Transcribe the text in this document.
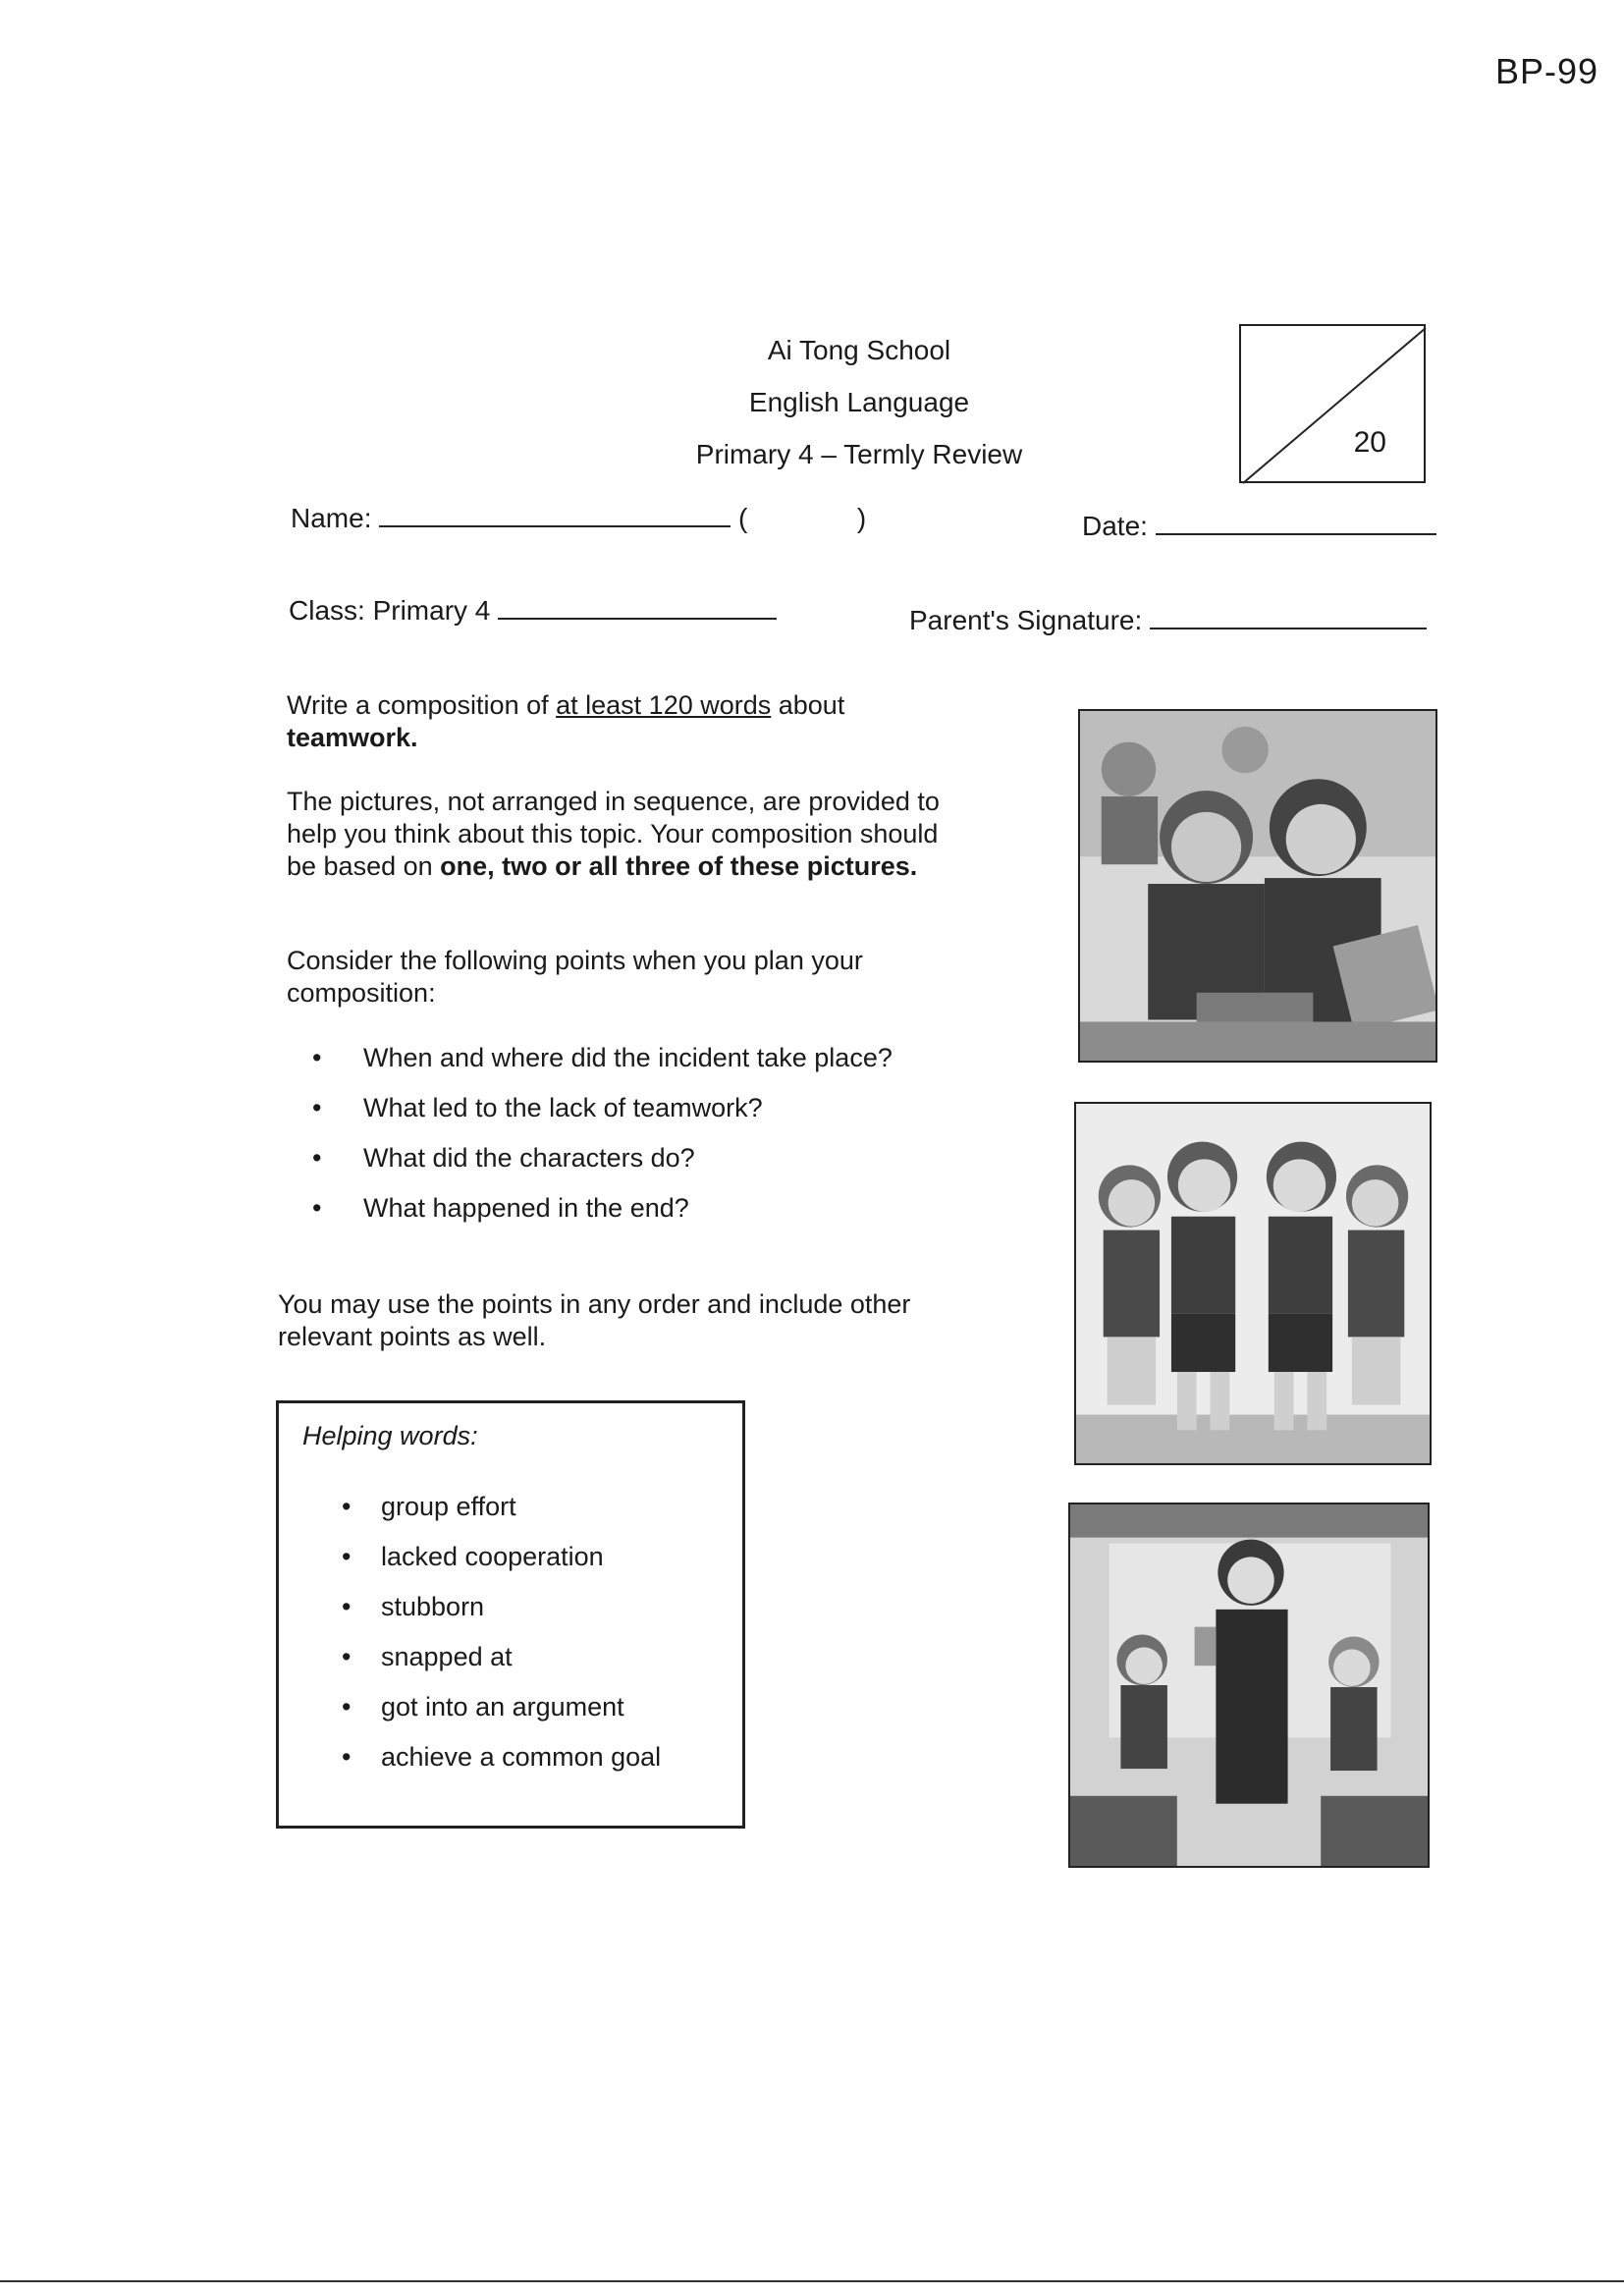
BP-99
Ai Tong School
English Language
Primary 4 – Termly Review	20
Name:	(	)	Date:
Class: Primary 4	Parent's Signature:
Write a composition of at least 120 words about
teamwork.
The pictures, not arranged in sequence, are provided to help you think about this topic. Your composition should be based on one, two or all three of these pictures.
Consider the following points when you plan your composition:
• When and where did the incident take place?
• What led to the lack of teamwork?
• What did the characters do?
• What happened in the end?
You may use the points in any order and include other relevant points as well.
Helping words:
• group effort
• lacked cooperation
• stubborn
• snapped at
• got into an argument
• achieve a common goal
